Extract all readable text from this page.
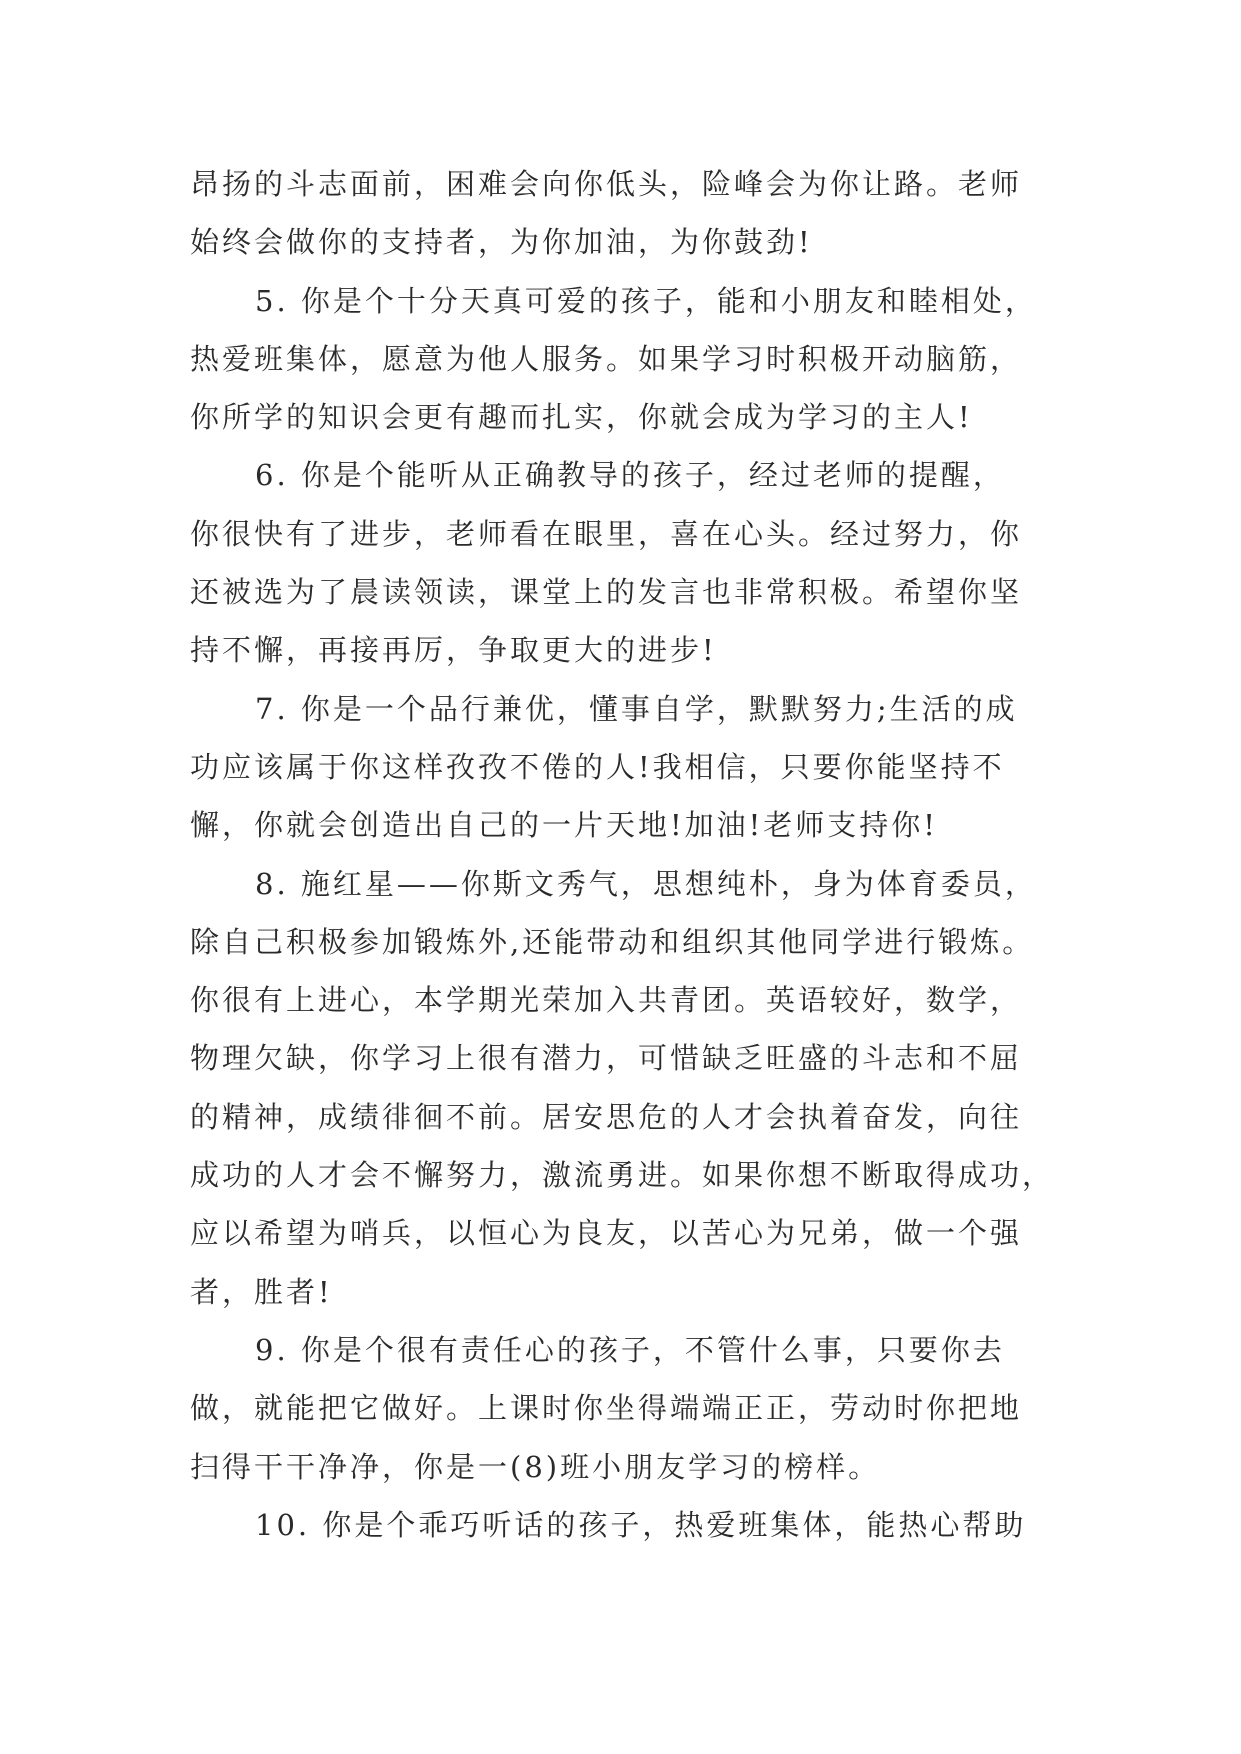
昂扬的斗志面前，困难会向你低头，险峰会为你让路。老师
始终会做你的支持者，为你加油，为你鼓劲!

5. 你是个十分天真可爱的孩子，能和小朋友和睦相处，
热爱班集体，愿意为他人服务。如果学习时积极开动脑筋，
你所学的知识会更有趣而扎实，你就会成为学习的主人!

6. 你是个能听从正确教导的孩子，经过老师的提醒，
你很快有了进步，老师看在眼里，喜在心头。经过努力，你
还被选为了晨读领读，课堂上的发言也非常积极。希望你坚
持不懈，再接再厉，争取更大的进步!

7. 你是一个品行兼优，懂事自学，默默努力;生活的成
功应该属于你这样孜孜不倦的人!我相信，只要你能坚持不
懈，你就会创造出自己的一片天地!加油!老师支持你!

8. 施红星——你斯文秀气，思想纯朴，身为体育委员，
除自己积极参加锻炼外,还能带动和组织其他同学进行锻炼。
你很有上进心，本学期光荣加入共青团。英语较好，数学，
物理欠缺，你学习上很有潜力，可惜缺乏旺盛的斗志和不屈
的精神，成绩徘徊不前。居安思危的人才会执着奋发，向往
成功的人才会不懈努力，激流勇进。如果你想不断取得成功，
应以希望为哨兵，以恒心为良友，以苦心为兄弟，做一个强
者，胜者!

9. 你是个很有责任心的孩子，不管什么事，只要你去
做，就能把它做好。上课时你坐得端端正正，劳动时你把地
扫得干干净净，你是一(8)班小朋友学习的榜样。

10. 你是个乖巧听话的孩子，热爱班集体，能热心帮助
